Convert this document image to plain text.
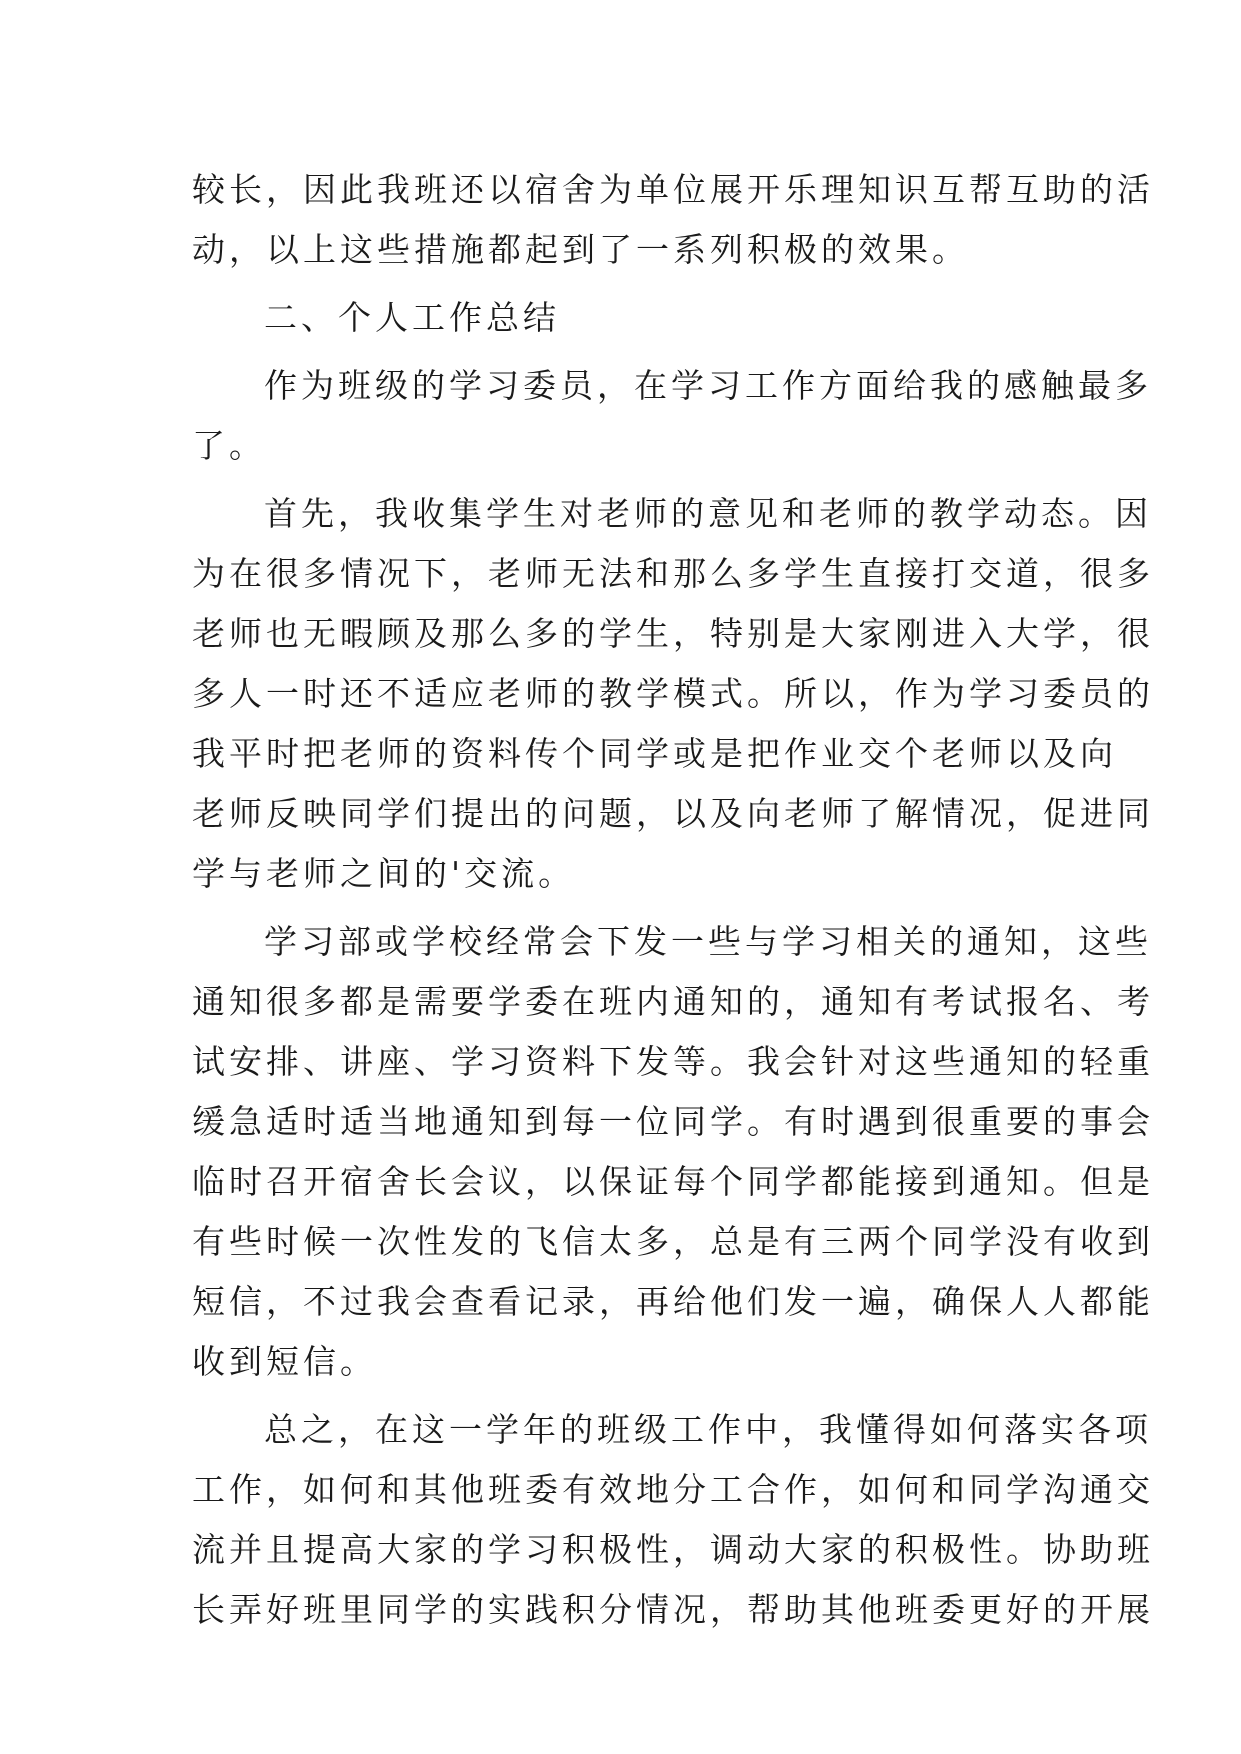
较长，因此我班还以宿舍为单位展开乐理知识互帮互助的活
动，以上这些措施都起到了一系列积极的效果。
二、个人工作总结
作为班级的学习委员，在学习工作方面给我的感触最多
了。
首先，我收集学生对老师的意见和老师的教学动态。因
为在很多情况下，老师无法和那么多学生直接打交道，很多
老师也无暇顾及那么多的学生，特别是大家刚进入大学，很
多人一时还不适应老师的教学模式。所以，作为学习委员的
我平时把老师的资料传个同学或是把作业交个老师以及向
老师反映同学们提出的问题，以及向老师了解情况，促进同
学与老师之间的'交流。
学习部或学校经常会下发一些与学习相关的通知，这些
通知很多都是需要学委在班内通知的，通知有考试报名、考
试安排、讲座、学习资料下发等。我会针对这些通知的轻重
缓急适时适当地通知到每一位同学。有时遇到很重要的事会
临时召开宿舍长会议，以保证每个同学都能接到通知。但是
有些时候一次性发的飞信太多，总是有三两个同学没有收到
短信，不过我会查看记录，再给他们发一遍，确保人人都能
收到短信。
总之，在这一学年的班级工作中，我懂得如何落实各项
工作，如何和其他班委有效地分工合作，如何和同学沟通交
流并且提高大家的学习积极性，调动大家的积极性。协助班
长弄好班里同学的实践积分情况，帮助其他班委更好的开展
